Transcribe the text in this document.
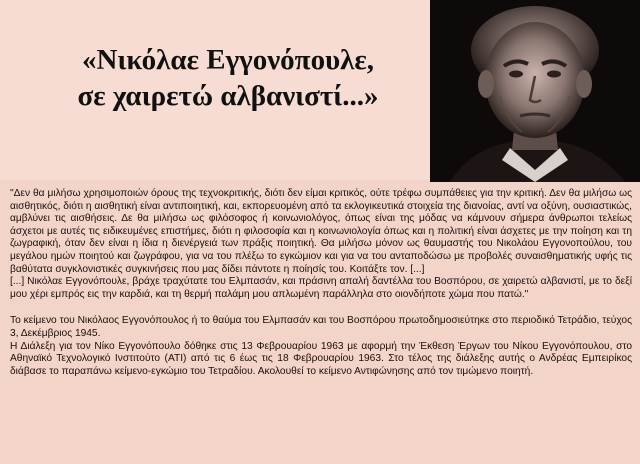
«Νικόλαε Εγγονόπουλε,
σε χαιρετώ αλβανιστί...»

"Δεν θα μιλήσω χρησιμοποιών όρους της τεχνοκριτικής, διότι δεν είμαι κριτικός, ούτε τρέφω συμπάθειες για την κριτική. Δεν θα μιλήσω ως αισθητικός, διότι η αισθητική είναι αντιποιητική, και, εκπορευομένη από τα εκλογικευτικά στοιχεία της διανοίας, αντί να οξύνη, ουσιαστικώς, αμβλύνει τις αισθήσεις. Δε θα μιλήσω ως φιλόσοφος ή κοινωνιολόγος, όπως είναι της μόδας να κάμνουν σήμερα άνθρωποι τελείως άσχετοι με αυτές τις ειδικευμένες επιστήμες, διότι η φιλοσοφία και η κοινωνιολογία όπως και η πολιτική είναι άσχετες με την ποίηση και τη ζωγραφική, όταν δεν είναι η ίδια η διενέργειά των πράξις ποιητική. Θα μιλήσω μόνον ως θαυμαστής του Νικολάου Εγγονοπούλου, του μεγάλου ημών ποιητού και ζωγράφου, για να του πλέξω το εγκώμιον και για να του ανταποδώσω με προβολές συναισθηματικής υφής τις βαθύτατα συγκλονιστικές συγκινήσεις που μας δίδει πάντοτε η ποίησίς του. Κοιτάξτε τον. [...]

[...] Νικόλαε Εγγονόπουλε, βράχε τραχύτατε του Ελμπασάν, και πράσινη απαλή δαντέλλα του Βοσπόρου, σε χαιρετώ αλβανιστί, με το δεξί μου χέρι εμπρός εις την καρδιά, και τη θερμή παλάμη μου απλωμένη παράλληλα στο οιονδήποτε χώμα που πατώ."

Το κείμενο του Νικόλαος Εγγονόπουλος ή το θαύμα του Ελμπασάν και του Βοσπόρου πρωτοδημοσιεύτηκε στο περιοδικό Τετράδιο, τεύχος 3, Δεκέμβριος 1945.

Η Διάλεξη για τον Νίκο Εγγονόπουλο δόθηκε στις 13 Φεβρουαρίου 1963 με αφορμή την Έκθεση Έργων του Νίκου Εγγονόπουλου, στο Αθηναϊκό Τεχνολογικό Ινστιτούτο (ΑΤΙ) από τις 6 έως τις 18 Φεβρουαρίου 1963. Στο τέλος της διάλεξης αυτής ο Ανδρέας Εμπειρίκος διάβασε το παραπάνω κείμενο-εγκώμιο του Τετραδίου. Ακολουθεί το κείμενο Αντιφώνησης από τον τιμώμενο ποιητή.
